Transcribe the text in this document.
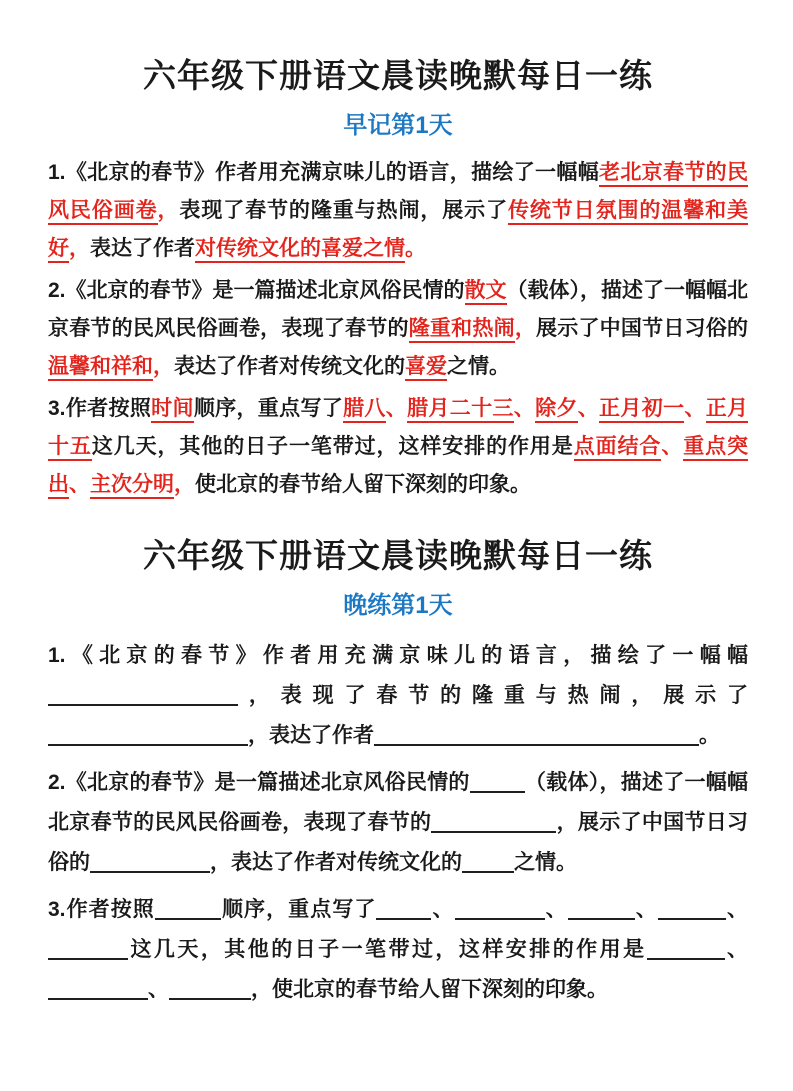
六年级下册语文晨读晚默每日一练
早记第1天

1.《北京的春节》作者用充满京味儿的语言，描绘了一幅幅老北京春节的民风民俗画卷，表现了春节的隆重与热闹，展示了传统节日氛围的温馨和美好，表达了作者对传统文化的喜爱之情。

2.《北京的春节》是一篇描述北京风俗民情的散文（载体），描述了一幅幅北京春节的民风民俗画卷，表现了春节的隆重和热闹，展示了中国节日习俗的温馨和祥和，表达了作者对传统文化的喜爱之情。

3.作者按照时间顺序，重点写了腊八、腊月二十三、除夕、正月初一、正月十五这几天，其他的日子一笔带过，这样安排的作用是点面结合、重点突出、主次分明，使北京的春节给人留下深刻的印象。

六年级下册语文晨读晚默每日一练
晚练第1天

1.《北京的春节》作者用充满京味儿的语言，描绘了一幅幅，表现了春节的隆重与热闹，展示了，表达了作者	。

2.《北京的春节》是一篇描述北京风俗民情的	（载体），描述了一幅幅北京春节的民风民俗画卷，表现了春节的	，展示了中国节日习俗的	，表达了作者对传统文化的 之情。

3.作者按照	顺序，重点写了	、	、	、	、这几天，其他的日子一笔带过，这样安排的作用是	、、	，使北京的春节给人留下深刻的印象。
